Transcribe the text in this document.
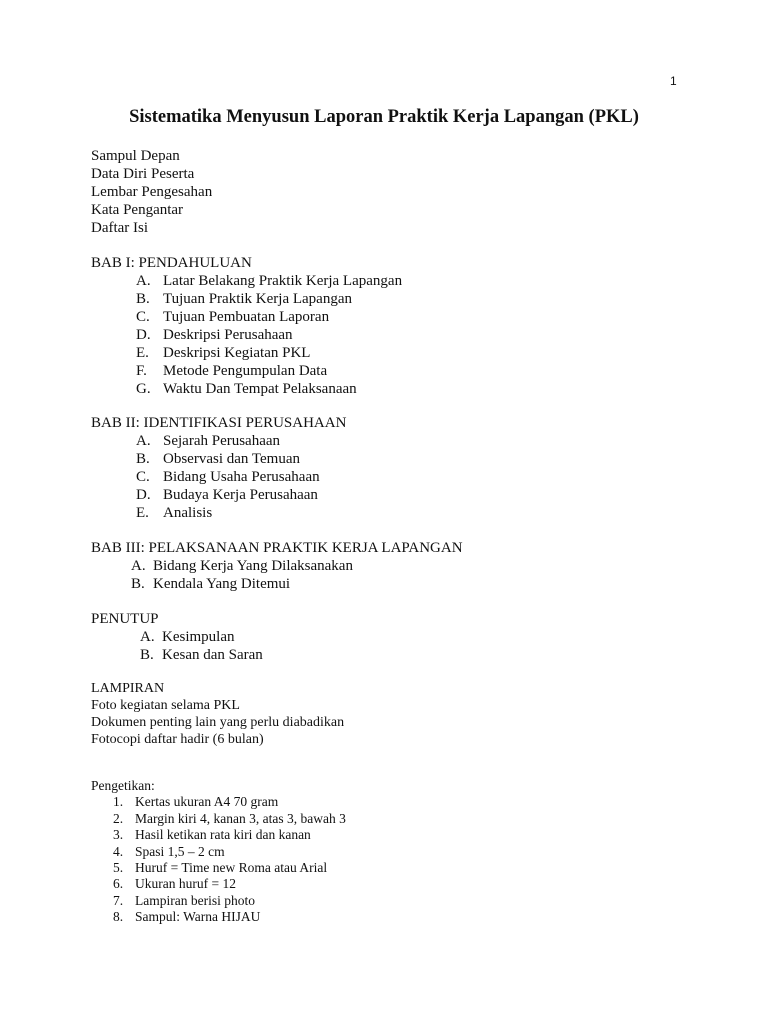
1
Sistematika Menyusun Laporan Praktik Kerja Lapangan (PKL)
Sampul Depan
Data Diri Peserta
Lembar Pengesahan
Kata Pengantar
Daftar Isi
BAB I: PENDAHULUAN
A. Latar Belakang Praktik Kerja Lapangan
B. Tujuan Praktik Kerja Lapangan
C. Tujuan Pembuatan Laporan
D. Deskripsi Perusahaan
E. Deskripsi Kegiatan PKL
F.	Metode Pengumpulan Data
G. Waktu Dan Tempat Pelaksanaan
BAB II: IDENTIFIKASI PERUSAHAAN
A. Sejarah Perusahaan
B. Observasi dan Temuan
C. Bidang Usaha Perusahaan
D. Budaya Kerja Perusahaan
E. Analisis
BAB III: PELAKSANAAN PRAKTIK KERJA LAPANGAN
A. Bidang Kerja Yang Dilaksanakan
B. Kendala Yang Ditemui
PENUTUP
A. Kesimpulan
B. Kesan dan Saran
LAMPIRAN
Foto kegiatan selama PKL
Dokumen penting lain yang perlu diabadikan
Fotocopi daftar hadir (6 bulan)
Pengetikan:
1. Kertas ukuran A4 70 gram
2. Margin kiri 4, kanan 3, atas 3, bawah 3
3. Hasil ketikan rata kiri dan kanan
4. Spasi 1,5 – 2 cm
5. Huruf = Time new Roma atau Arial
6. Ukuran huruf = 12
7. Lampiran berisi photo
8. Sampul: Warna HIJAU
